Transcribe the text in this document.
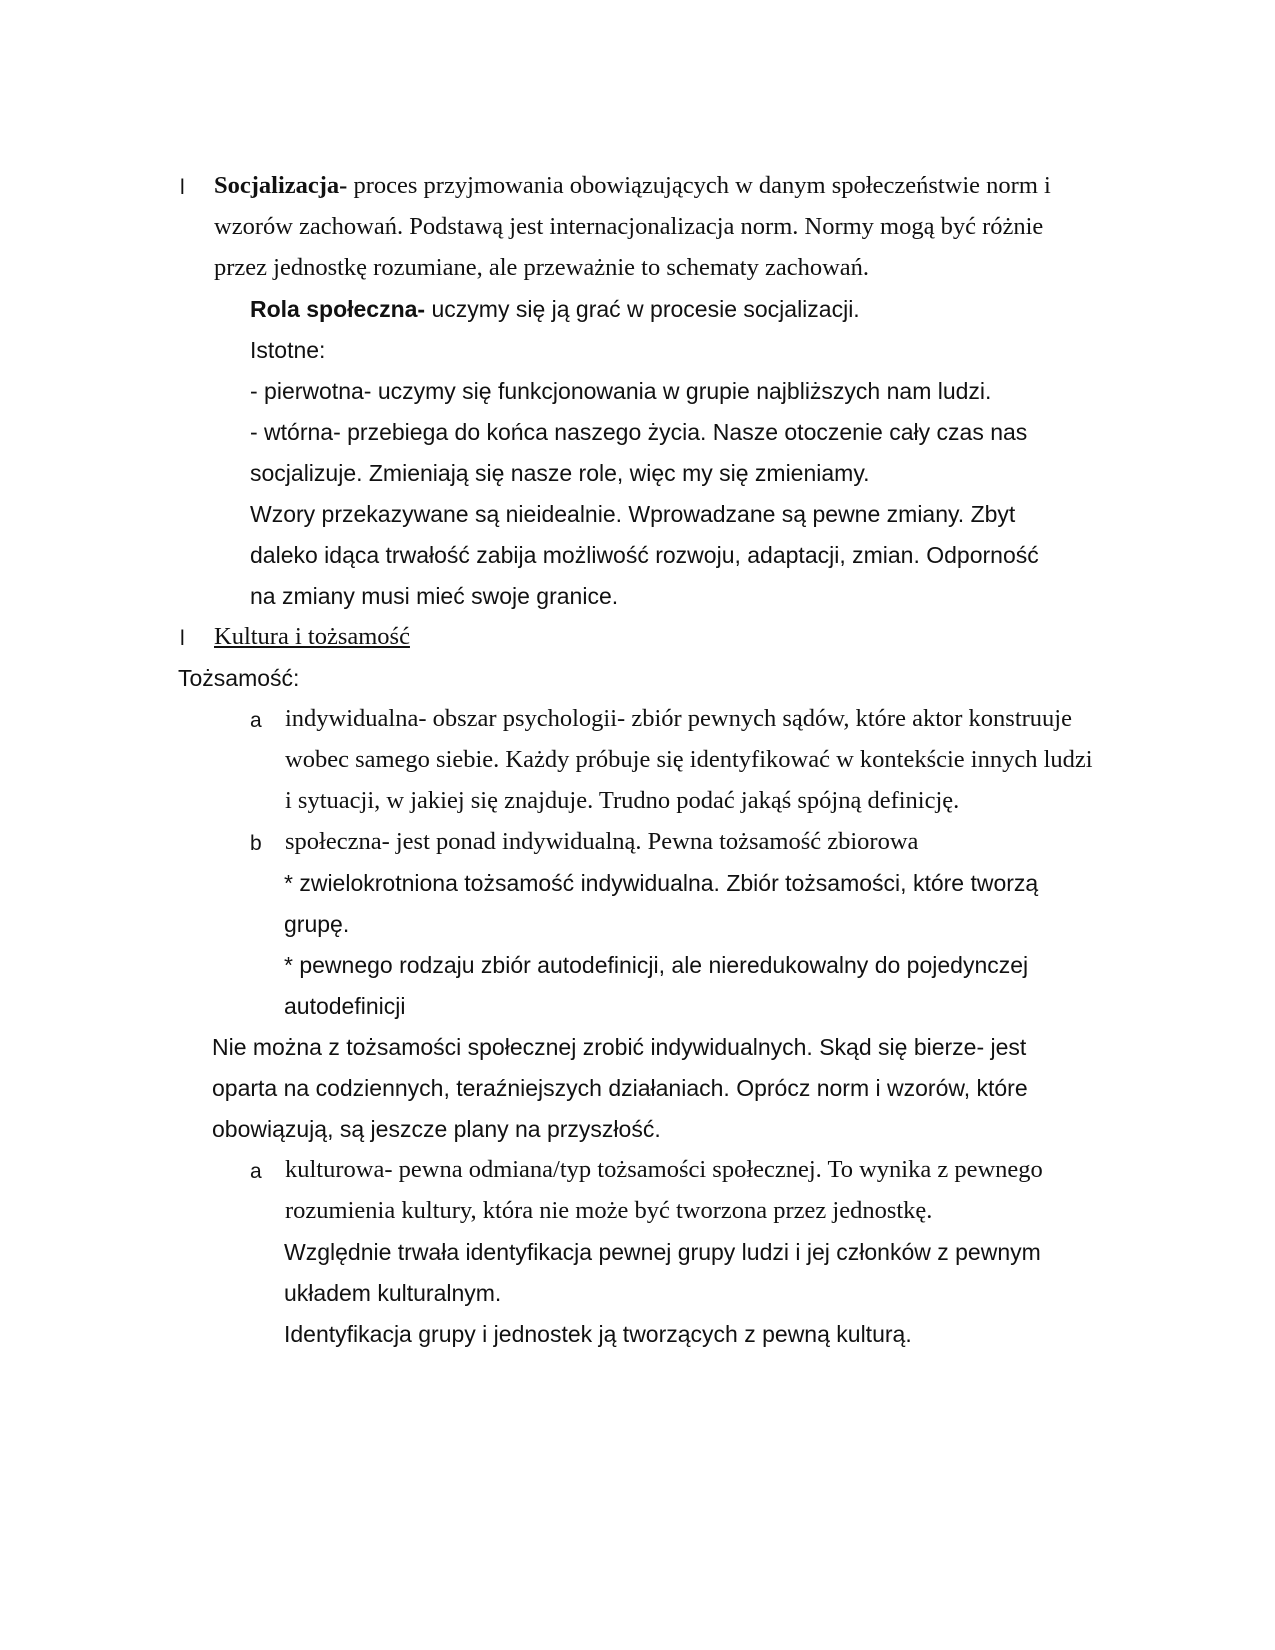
l Socjalizacja- proces przyjmowania obowiązujących w danym społeczeństwie norm i
wzorów zachowań. Podstawą jest internacjonalizacja norm. Normy mogą być różnie
przez jednostkę rozumiane, ale przeważnie to schematy zachowań.
Rola społeczna- uczymy się ją grać w procesie socjalizacji.
Istotne:
- pierwotna- uczymy się funkcjonowania w grupie najbliższych nam ludzi.
- wtórna- przebiega do końca naszego życia. Nasze otoczenie cały czas nas
socjalizuje. Zmieniają się nasze role, więc my się zmieniamy.
Wzory przekazywane są nieidealnie. Wprowadzane są pewne zmiany. Zbyt
daleko idąca trwałość zabija możliwość rozwoju, adaptacji, zmian. Odporność
na zmiany musi mieć swoje granice.
l Kultura i tożsamość
Tożsamość:
a indywidualna- obszar psychologii- zbiór pewnych sądów, które aktor konstruuje
wobec samego siebie. Każdy próbuje się identyfikować w kontekście innych ludzi
i sytuacji, w jakiej się znajduje. Trudno podać jakąś spójną definicję.
b społeczna- jest ponad indywidualną. Pewna tożsamość zbiorowa
* zwielokrotniona tożsamość indywidualna. Zbiór tożsamości, które tworzą
grupę.
* pewnego rodzaju zbiór autodefinicji, ale nieredukowalny do pojedynczej
autodefinicji
Nie można z tożsamości społecznej zrobić indywidualnych. Skąd się bierze- jest
oparta na codziennych, teraźniejszych działaniach. Oprócz norm i wzorów, które
obowiązują, są jeszcze plany na przyszłość.
a kulturowa- pewna odmiana/typ tożsamości społecznej. To wynika z pewnego
rozumienia kultury, która nie może być tworzona przez jednostkę.
Względnie trwała identyfikacja pewnej grupy ludzi i jej członków z pewnym
układem kulturalnym.
Identyfikacja grupy i jednostek ją tworzących z pewną kulturą.
